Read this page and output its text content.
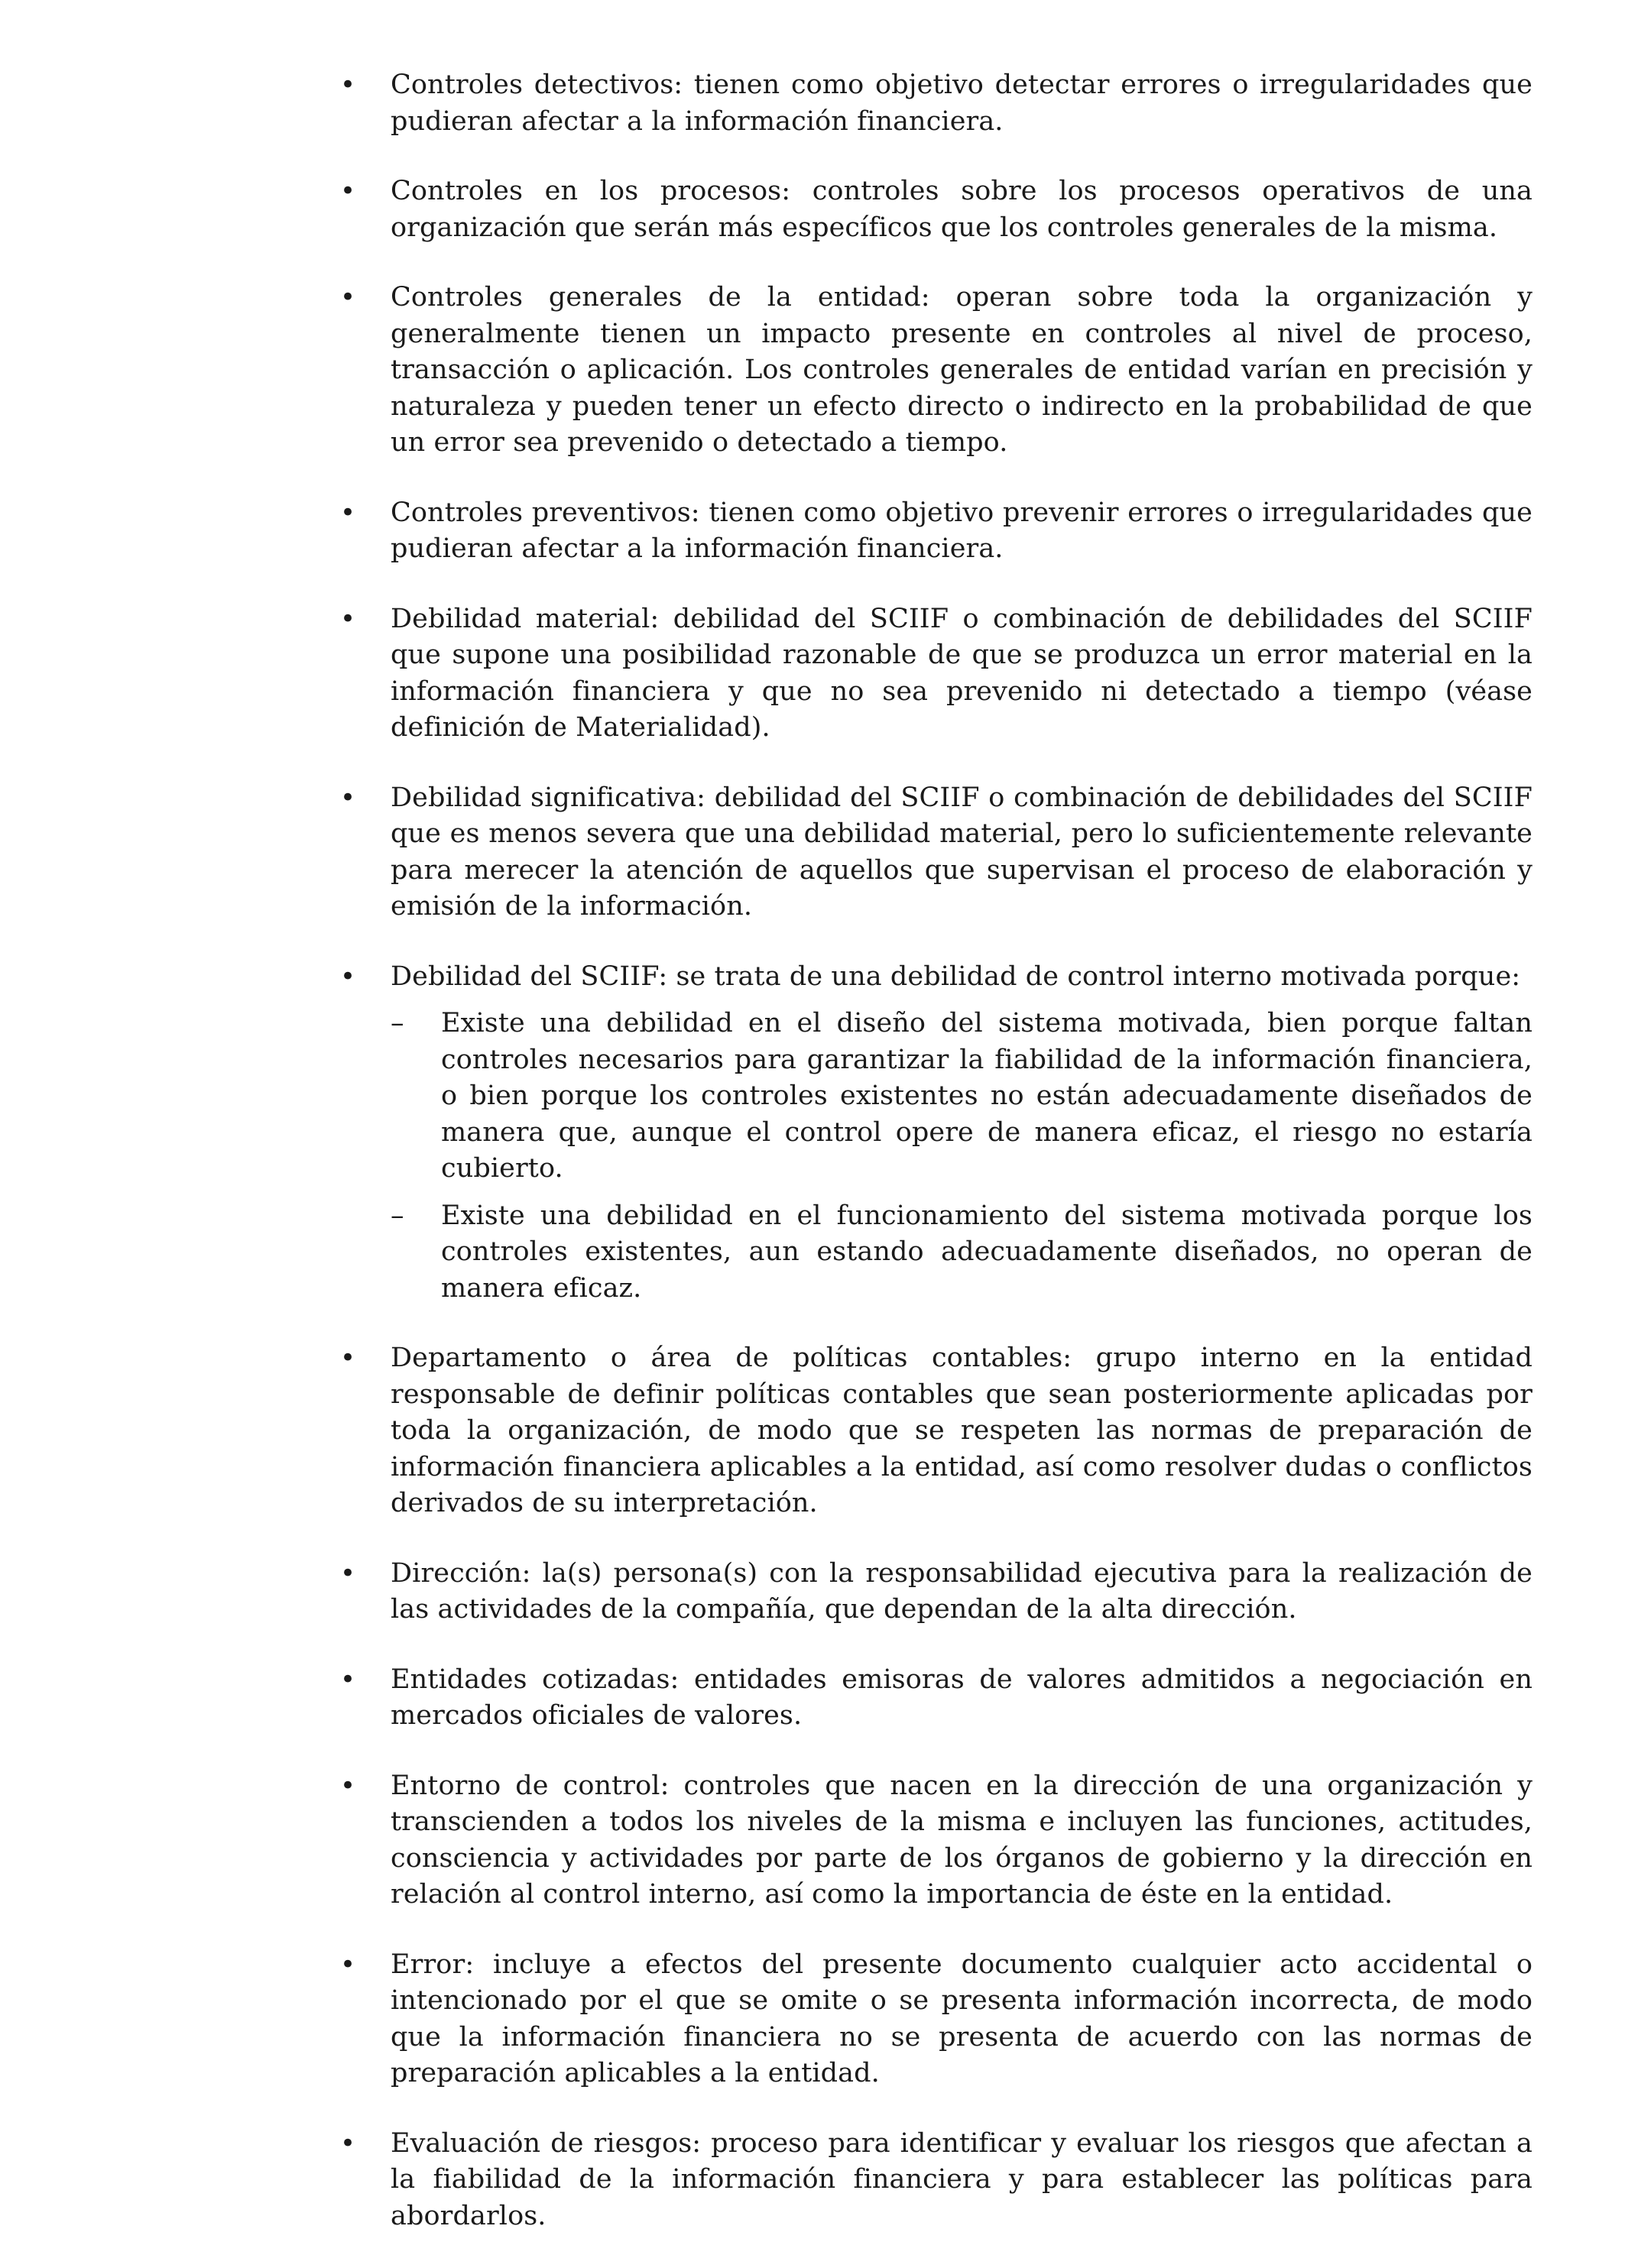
• Controles detectivos: tienen como objetivo detectar errores o irregularidades que pudieran afectar a la información financiera.
• Controles en los procesos: controles sobre los procesos operativos de una organización que serán más específicos que los controles generales de la misma.
• Controles generales de la entidad: operan sobre toda la organización y generalmente tienen un impacto presente en controles al nivel de proceso, transacción o aplicación. Los controles generales de entidad varían en precisión y naturaleza y pueden tener un efecto directo o indirecto en la probabilidad de que un error sea prevenido o detectado a tiempo.
• Controles preventivos: tienen como objetivo prevenir errores o irregularidades que pudieran afectar a la información financiera.
• Debilidad material: debilidad del SCIIF o combinación de debilidades del SCIIF que supone una posibilidad razonable de que se produzca un error material en la información financiera y que no sea prevenido ni detectado a tiempo (véase definición de Materialidad).
• Debilidad significativa: debilidad del SCIIF o combinación de debilidades del SCIIF que es menos severa que una debilidad material, pero lo suficientemente relevante para merecer la atención de aquellos que supervisan el proceso de elaboración y emisión de la información.
• Debilidad del SCIIF: se trata de una debilidad de control interno motivada porque:
–	Existe una debilidad en el diseño del sistema motivada, bien porque faltan controles necesarios para garantizar la fiabilidad de la información financiera, o bien porque los controles existentes no están adecuadamente diseñados de manera que, aunque el control opere de manera eficaz, el riesgo no estaría cubierto.
–	Existe una debilidad en el funcionamiento del sistema motivada porque los controles existentes, aun estando adecuadamente diseñados, no operan de manera eficaz.
• Departamento o área de políticas contables: grupo interno en la entidad responsable de definir políticas contables que sean posteriormente aplicadas por toda la organización, de modo que se respeten las normas de preparación de información financiera aplicables a la entidad, así como resolver dudas o conflictos derivados de su interpretación.
• Dirección: la(s) persona(s) con la responsabilidad ejecutiva para la realización de las actividades de la compañía, que dependan de la alta dirección.
• Entidades cotizadas: entidades emisoras de valores admitidos a negociación en mercados oficiales de valores.
• Entorno de control: controles que nacen en la dirección de una organización y transcienden a todos los niveles de la misma e incluyen las funciones, actitudes, consciencia y actividades por parte de los órganos de gobierno y la dirección en relación al control interno, así como la importancia de éste en la entidad.
• Error: incluye a efectos del presente documento cualquier acto accidental o intencionado por el que se omite o se presenta información incorrecta, de modo que la información financiera no se presenta de acuerdo con las normas de preparación aplicables a la entidad.
• Evaluación de riesgos: proceso para identificar y evaluar los riesgos que afectan a la fiabilidad de la información financiera y para establecer las políticas para abordarlos.
